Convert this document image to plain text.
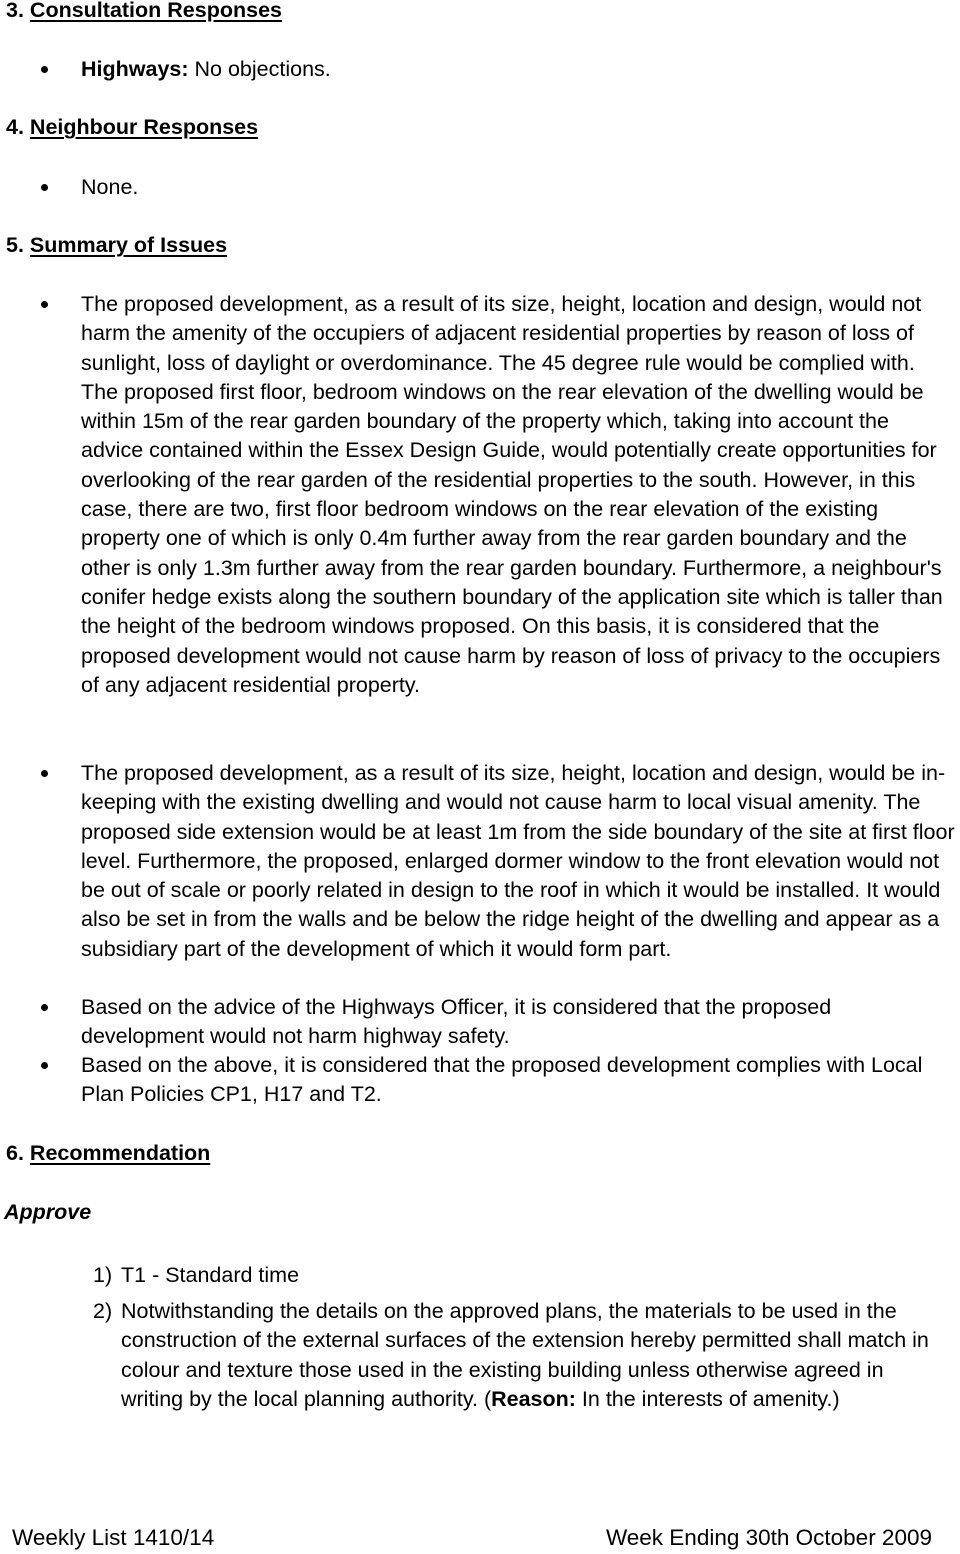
3. Consultation Responses
Highways: No objections.
4. Neighbour Responses
None.
5. Summary of Issues
The proposed development, as a result of its size, height, location and design, would not harm the amenity of the occupiers of adjacent residential properties by reason of loss of sunlight, loss of daylight or overdominance. The 45 degree rule would be complied with. The proposed first floor, bedroom windows on the rear elevation of the dwelling would be within 15m of the rear garden boundary of the property which, taking into account the advice contained within the Essex Design Guide, would potentially create opportunities for overlooking of the rear garden of the residential properties to the south. However, in this case, there are two, first floor bedroom windows on the rear elevation of the existing property one of which is only 0.4m further away from the rear garden boundary and the other is only 1.3m further away from the rear garden boundary. Furthermore, a neighbour's conifer hedge exists along the southern boundary of the application site which is taller than the height of the bedroom windows proposed. On this basis, it is considered that the proposed development would not cause harm by reason of loss of privacy to the occupiers of any adjacent residential property.
The proposed development, as a result of its size, height, location and design, would be in-keeping with the existing dwelling and would not cause harm to local visual amenity. The proposed side extension would be at least 1m from the side boundary of the site at first floor level. Furthermore, the proposed, enlarged dormer window to the front elevation would not be out of scale or poorly related in design to the roof in which it would be installed. It would also be set in from the walls and be below the ridge height of the dwelling and appear as a subsidiary part of the development of which it would form part.
Based on the advice of the Highways Officer, it is considered that the proposed development would not harm highway safety.
Based on the above, it is considered that the proposed development complies with Local Plan Policies CP1, H17 and T2.
6. Recommendation
Approve
1) T1 - Standard time
2) Notwithstanding the details on the approved plans, the materials to be used in the construction of the external surfaces of the extension hereby permitted shall match in colour and texture those used in the existing building unless otherwise agreed in writing by the local planning authority. (Reason: In the interests of amenity.)
Weekly List 1410/14	Week Ending 30th October 2009
